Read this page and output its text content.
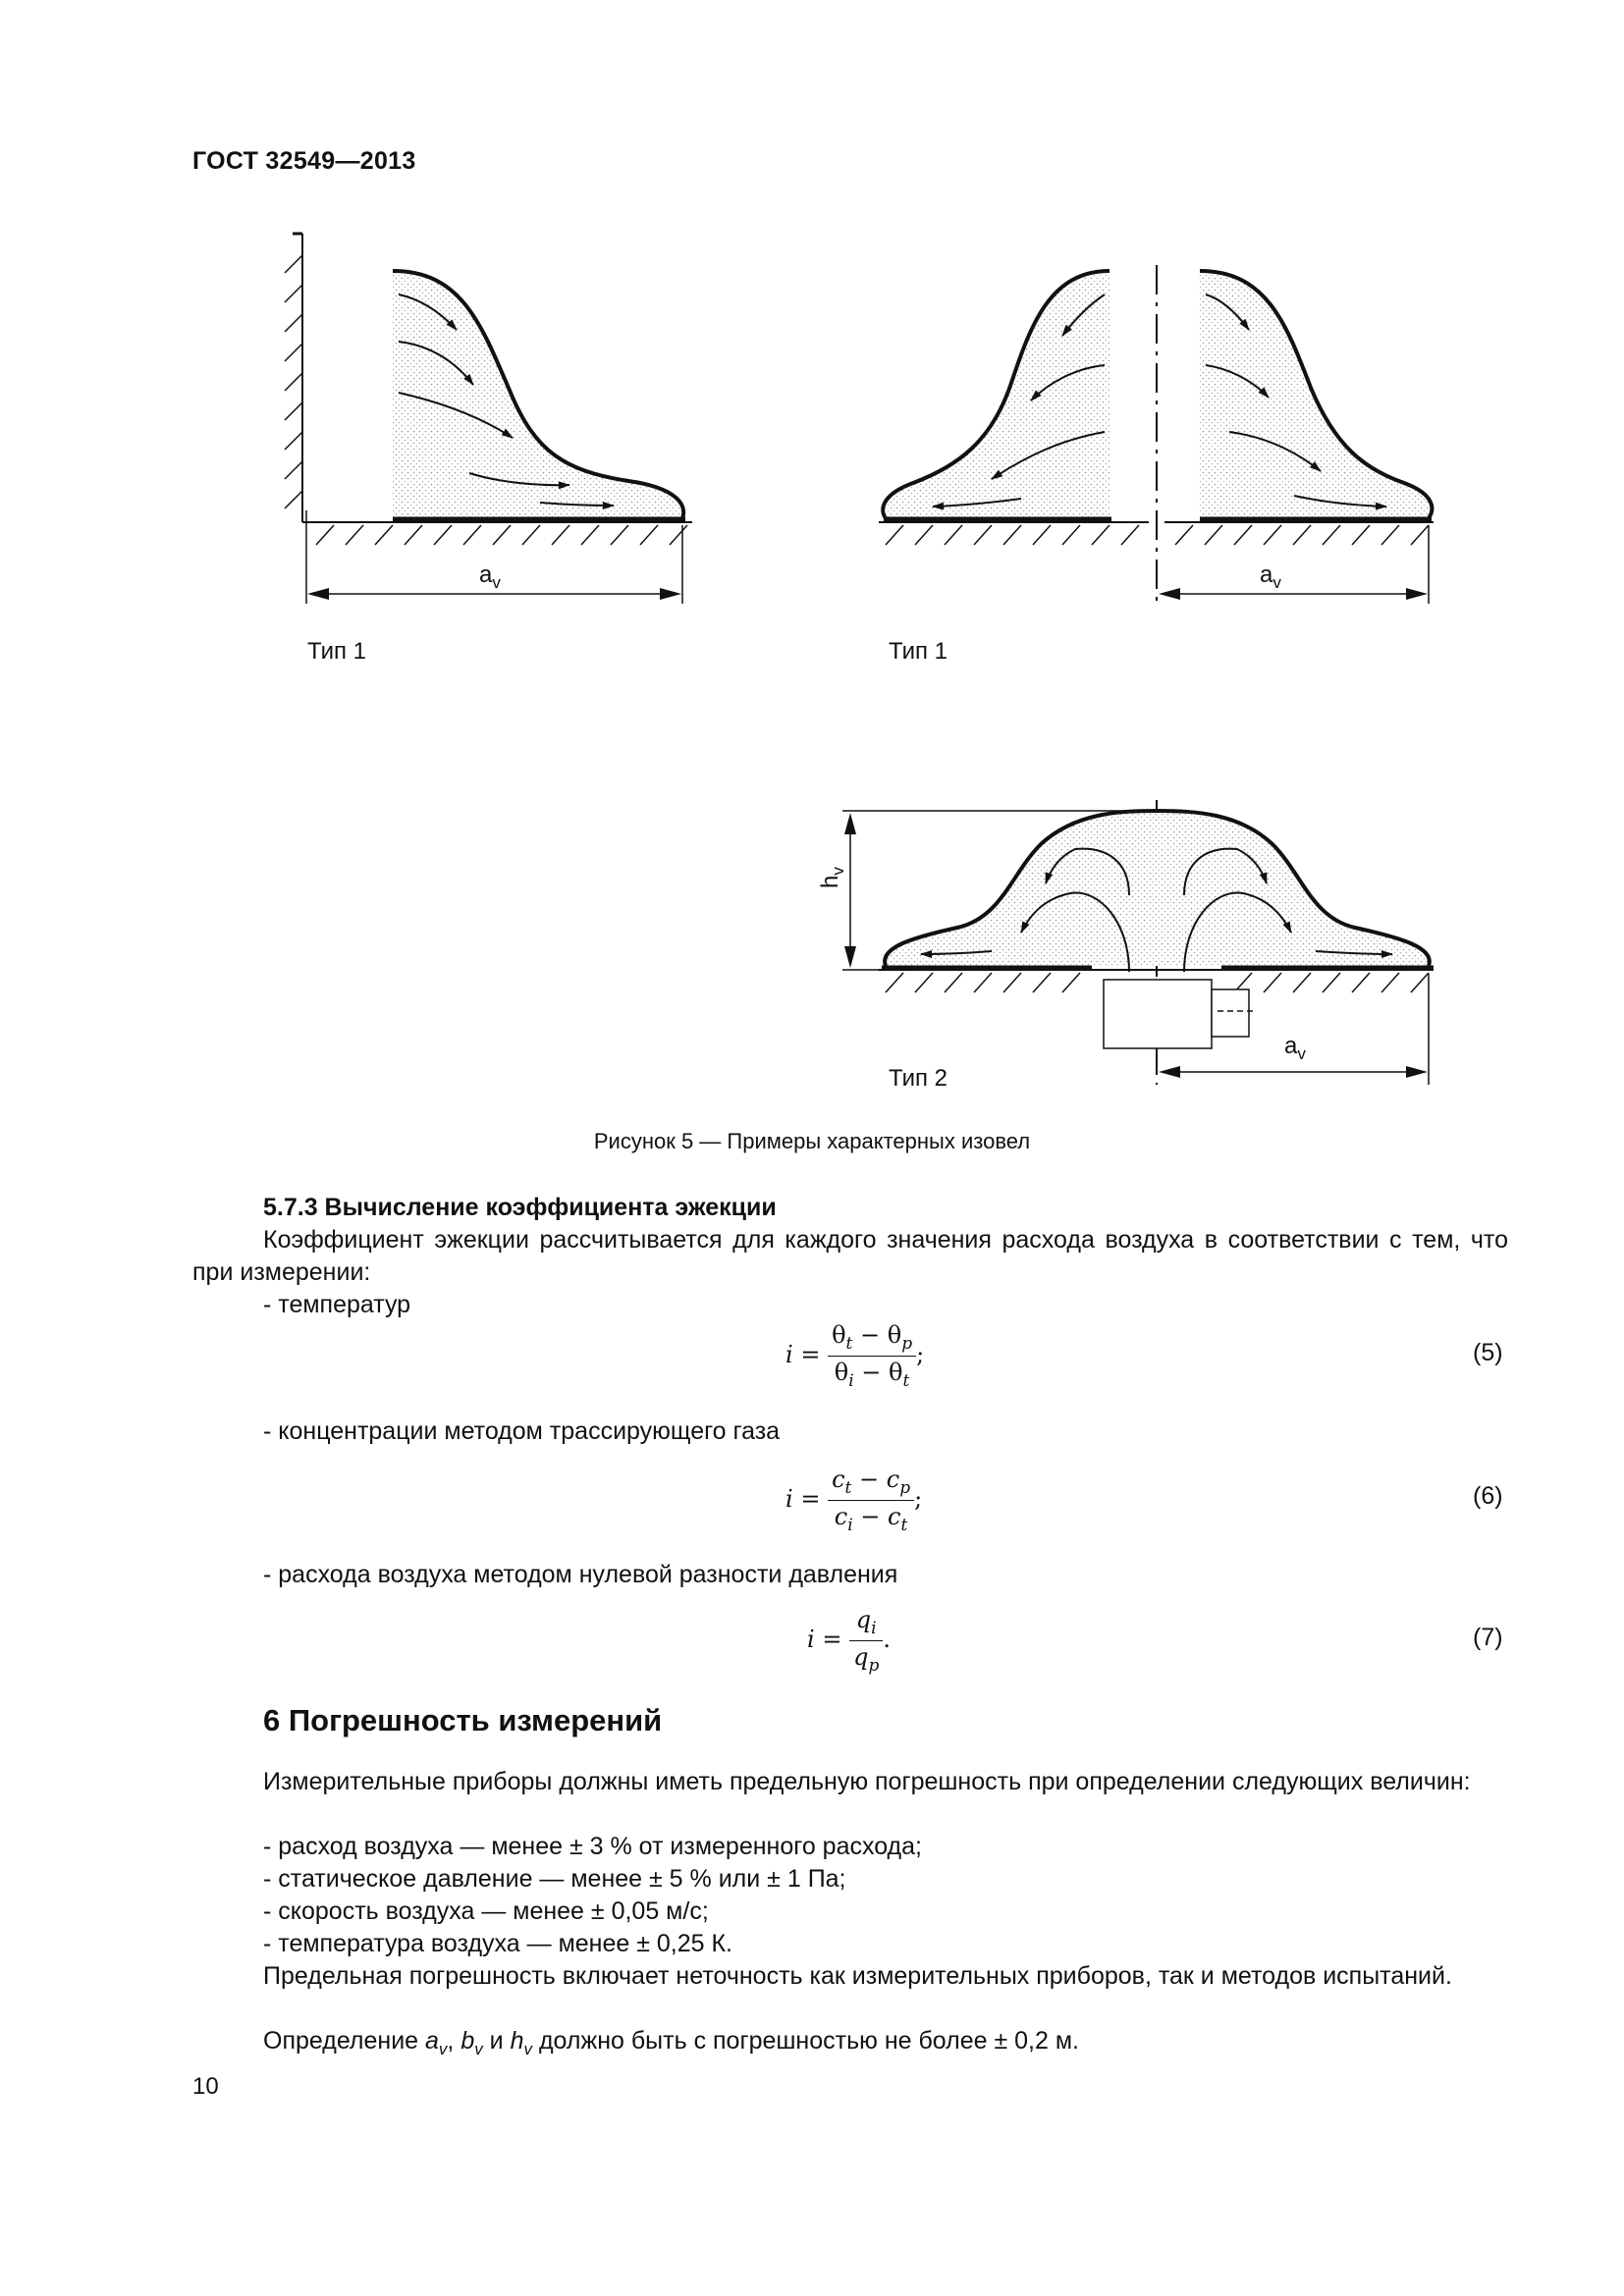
ГОСТ 32549—2013
$a_v$	$a_v$
$a_v$
$h_v$
Тип 1	Тип 1
Тип 2
Рисунок 5 — Примеры характерных изовел
5.7.3 Вычисление коэффициента эжекции
Коэффициент эжекции рассчитывается для каждого значения расхода воздуха в соответствии с тем, что при измерении:
- температур
$i = \frac{\theta_t - \theta_p}{\theta_i - \theta_t}$ ;	(5)
- концентрации методом трассирующего газа
$i = \frac{c_t - c_p}{c_i - c_t}$ ;	(6)
- расхода воздуха методом нулевой разности давления
$i = \frac{q_i}{q_p}$ .	(7)
6 Погрешность измерений
Измерительные приборы должны иметь предельную погрешность при определении следующих величин:
- расход воздуха — менее ± 3 % от измеренного расхода;
- статическое давление — менее ± 5 % или ± 1 Па;
- скорость воздуха — менее ± 0,05 м/с;
- температура воздуха — менее ± 0,25 К.
Предельная погрешность включает неточность как измерительных приборов, так и методов испытаний.
Определение $a_v$, $b_v$ и $h_v$ должно быть с погрешностью не более ± 0,2 м.
10
